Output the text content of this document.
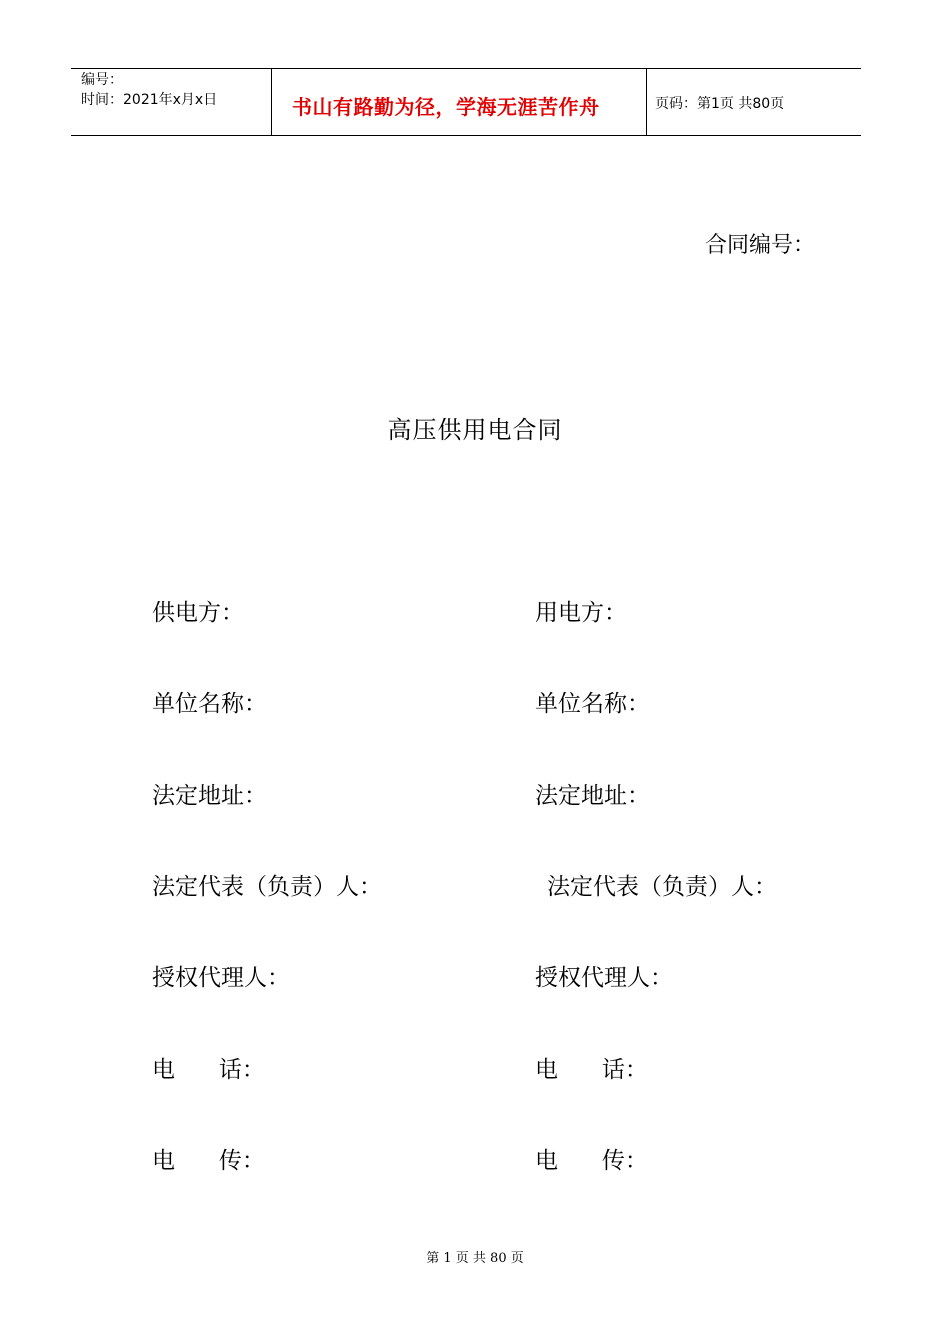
编号：
时间：2021年x月x日	书山有路勤为径，学海无涯苦作舟	页码：第1页 共80页
合同编号：
高压供用电合同
供电方：
单位名称：
法定地址：
法定代表（负责）人：
授权代理人：
电      话：
电      传：
用电方：
单位名称：
法定地址：
法定代表（负责）人：
授权代理人：
电      话：
电      传：
第 1 页 共 80 页
